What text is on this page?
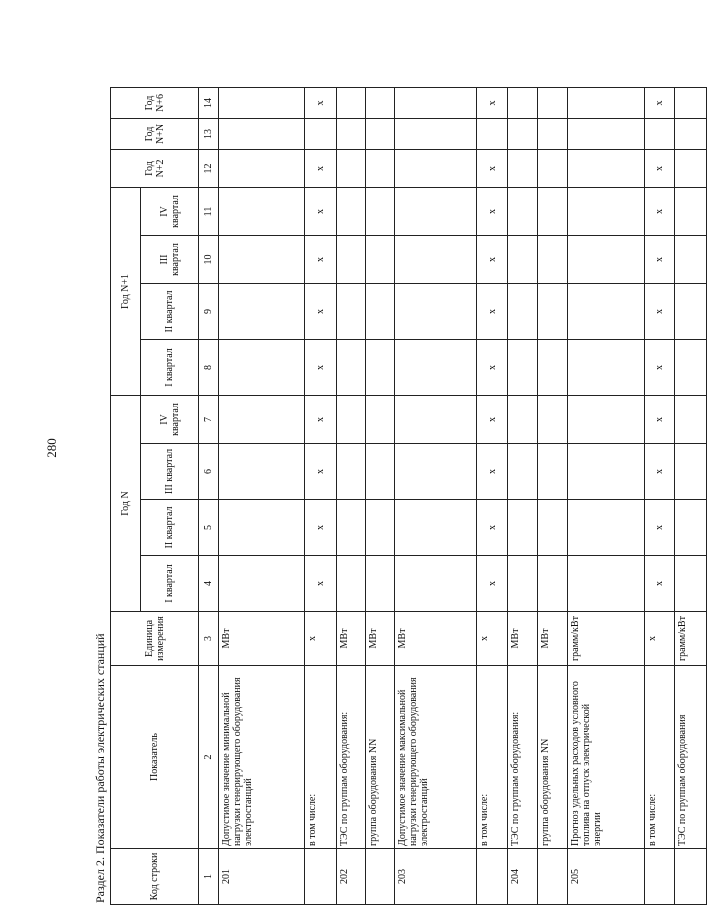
280
Раздел 2. Показатели работы электрических станций	Код строки	Показатель	Единица измерения	Год N				Год N+1				Год N+2	Год N+N	Год N+6
			I квартал	II квартал	III квартал	IV квартал	I квартал	II квартал	III квартал	IV квартал			
1	2	3	4	5	6	7	8	9	10	11	12	13	14
201	Допустимое значение минимальной нагрузки генерирующего оборудования электростанций	МВт											
	в том числе:	х	х	х	х	х	х	х	х	х	х		х
202	ТЭС по группам оборудования:	МВт											
	группа оборудования NN	МВт											
203	Допустимое значение максимальной нагрузки генерирующего оборудования электростанций	МВт											
	в том числе:	х	х	х	х	х	х	х	х	х	х		х
204	ТЭС по группам оборудования:	МВт											
	группа оборудования NN	МВт											
205	Прогноз удельных расходов условного топлива на отпуск электрической энергии	грамм/кВт											
	в том числе:	х	х	х	х	х	х	х	х	х	х		х
	ТЭС по группам оборудования	грамм/кВт											
